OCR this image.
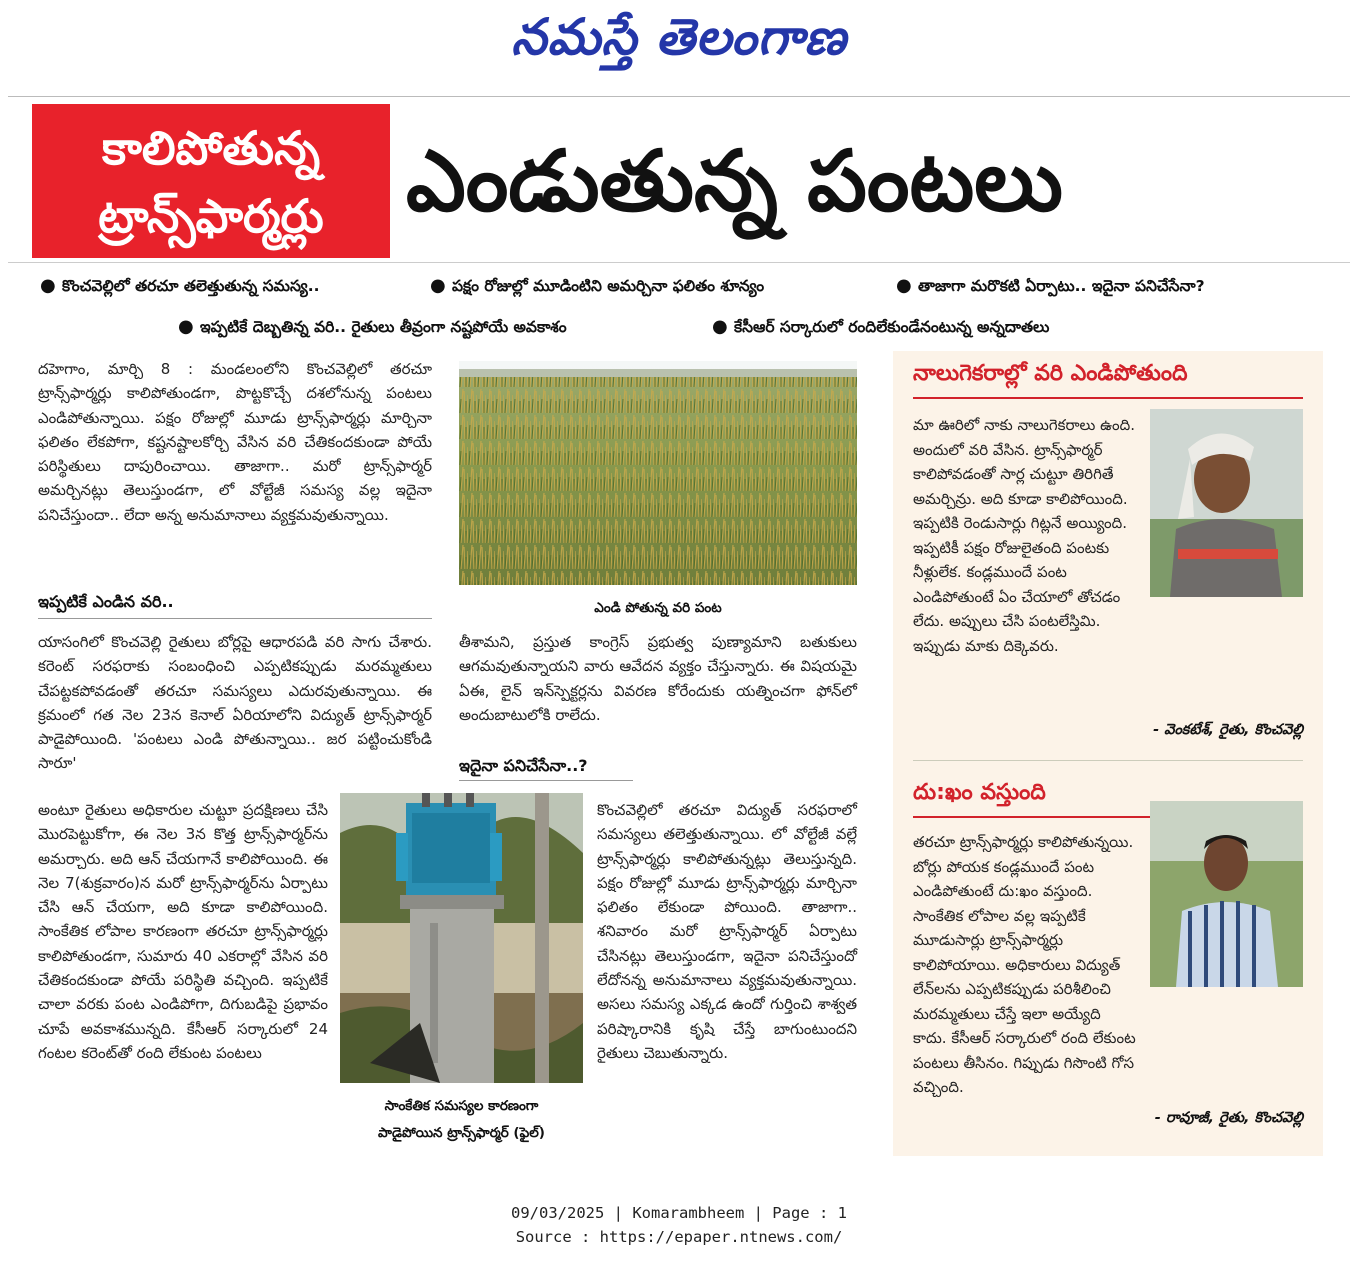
నమస్తే తెలంగాణ
కాలిపోతున్న
ట్రాన్స్‌ఫార్మర్లు ఎండుతున్న పంటలు
● కొంచవెల్లిలో తరచూ తలెత్తుతున్న సమస్య..	● పక్షం రోజుల్లో మూడింటిని అమర్చినా ఫలితం శూన్యం	● తాజాగా మరొకటి ఏర్పాటు.. ఇదైనా పనిచేసేనా?
● ఇప్పటికే దెబ్బతిన్న వరి.. రైతులు తీవ్రంగా నష్టపోయే అవకాశం	● కేసీఆర్ సర్కారులో రందిలేకుండేనంటున్న అన్నదాతలు
దహెగాం, మార్చి 8 : మండలంలోని కొంచవెల్లిలో తరచూ ట్రాన్స్‌ఫార్మర్లు కాలిపోతుండగా, పొట్టకొచ్చే దశలోనున్న పంటలు ఎండిపోతున్నాయి. పక్షం రోజుల్లో మూడు ట్రాన్స్‌ఫార్మర్లు మార్చినా ఫలితం లేకపోగా, కష్టనష్టాలకోర్చి వేసిన వరి చేతికందకుండా పోయే పరిస్థితులు దాపురించాయి. తాజాగా.. మరో ట్రాన్స్‌ఫార్మర్ అమర్చినట్లు తెలుస్తుండగా, లో వోల్టేజీ సమస్య వల్ల ఇదైనా పనిచేస్తుందా.. లేదా అన్న అనుమానాలు వ్యక్తమవుతున్నాయి.
ఇప్పటికే ఎండిన వరి..
యాసంగిలో కొంచవెల్లి రైతులు బోర్లపై ఆధారపడి వరి సాగు చేశారు. కరెంట్ సరఫరాకు సంబంధించి ఎప్పటికప్పుడు మరమ్మతులు చేపట్టకపోవడంతో తరచూ సమస్యలు ఎదురవుతున్నాయి. ఈ క్రమంలో గత నెల 23న కెనాల్ ఏరియాలోని విద్యుత్ ట్రాన్స్‌ఫార్మర్ పాడైపోయింది. 'పంటలు ఎండి పోతున్నాయి.. జర పట్టించుకోండి సారూ'
అంటూ రైతులు అధికారుల చుట్టూ ప్రదక్షిణలు చేసి మొరపెట్టుకోగా, ఈ నెల 3న కొత్త ట్రాన్స్‌ఫార్మర్‌ను అమర్చారు. అది ఆన్ చేయగానే కాలిపోయింది. ఈ నెల 7(శుక్రవారం)న మరో ట్రాన్స్‌ఫార్మర్‌ను ఏర్పాటు చేసి ఆన్ చేయగా, అది కూడా కాలిపోయింది. సాంకేతిక లోపాల కారణంగా తరచూ ట్రాన్స్‌ఫార్మర్లు కాలిపోతుండగా, సుమారు 40 ఎకరాల్లో వేసిన వరి చేతికందకుండా పోయే పరిస్థితి వచ్చింది. ఇప్పటికే చాలా వరకు పంట ఎండిపోగా, దిగుబడిపై ప్రభావం చూపే అవకాశమున్నది. కేసీఆర్ సర్కారులో 24 గంటల కరెంట్‌తో రంది లేకుంట పంటలు
ఎండి పోతున్న వరి పంట
తీశామని, ప్రస్తుత కాంగ్రెస్ ప్రభుత్వ పుణ్యామాని బతుకులు ఆగమవుతున్నాయని వారు ఆవేదన వ్యక్తం చేస్తున్నారు. ఈ విషయమై ఏఈ, లైన్ ఇన్‌స్పెక్టర్లను వివరణ కోరేందుకు యత్నించగా ఫోన్‌లో అందుబాటులోకి రాలేదు.
ఇదైనా పనిచేసేనా..?
సాంకేతిక సమస్యల కారణంగా
పాడైపోయిన ట్రాన్స్‌ఫార్మర్ (ఫైల్)
కొంచవెల్లిలో తరచూ విద్యుత్ సరఫరాలో సమస్యలు తలెత్తుతున్నాయి. లో వోల్టేజీ వల్లే ట్రాన్స్‌ఫార్మర్లు కాలిపోతున్నట్లు తెలుస్తున్నది. పక్షం రోజుల్లో మూడు ట్రాన్స్‌ఫార్మర్లు మార్చినా ఫలితం లేకుండా పోయింది. తాజాగా.. శనివారం మరో ట్రాన్స్‌ఫార్మర్ ఏర్పాటు చేసినట్లు తెలుస్తుండగా, ఇదైనా పనిచేస్తుందో లేదోనన్న అనుమానాలు వ్యక్తమవుతున్నాయి. అసలు సమస్య ఎక్కడ ఉందో గుర్తించి శాశ్వత పరిష్కారానికి కృషి చేస్తే బాగుంటుందని రైతులు చెబుతున్నారు.
నాలుగెకరాల్లో వరి ఎండిపోతుంది
మా ఊరిలో నాకు నాలుగెకరాలు ఉంది. అందులో వరి వేసిన. ట్రాన్స్‌ఫార్మర్ కాలిపోవడంతో సార్ల చుట్టూ తిరిగితే అమర్చిన్రు. అది కూడా కాలిపోయింది. ఇప్పటికి రెండుసార్లు గిట్లనే అయ్యింది. ఇప్పటికీ పక్షం రోజులైతంది పంటకు నీళ్లులేక. కండ్లముందే పంట ఎండిపోతుంటే ఏం చేయాలో తోచడం లేదు. అప్పులు చేసి పంటలేస్తిమి. ఇప్పుడు మాకు దిక్కెవరు.
- వెంకటేశ్, రైతు, కొంచవెల్లి
దు:ఖం వస్తుంది
తరచూ ట్రాన్స్‌ఫార్మర్లు కాలిపోతున్నయి. బోర్లు పోయక కండ్లముందే పంట ఎండిపోతుంటే దు:ఖం వస్తుంది. సాంకేతిక లోపాల వల్ల ఇప్పటికే మూడుసార్లు ట్రాన్స్‌ఫార్మర్లు కాలిపోయాయి. అధికారులు విద్యుత్ లేన్‌లను ఎప్పటికప్పుడు పరిశీలించి మరమ్మతులు చేస్తే ఇలా అయ్యేది కాదు. కేసీఆర్ సర్కారులో రంది లేకుంట పంటలు తీసినం. గిప్పుడు గిసొంటి గోస వచ్చింది.
- రావూజీ, రైతు, కొంచవెల్లి
09/03/2025 | Komarambheem | Page : 1
Source : https://epaper.ntnews.com/
